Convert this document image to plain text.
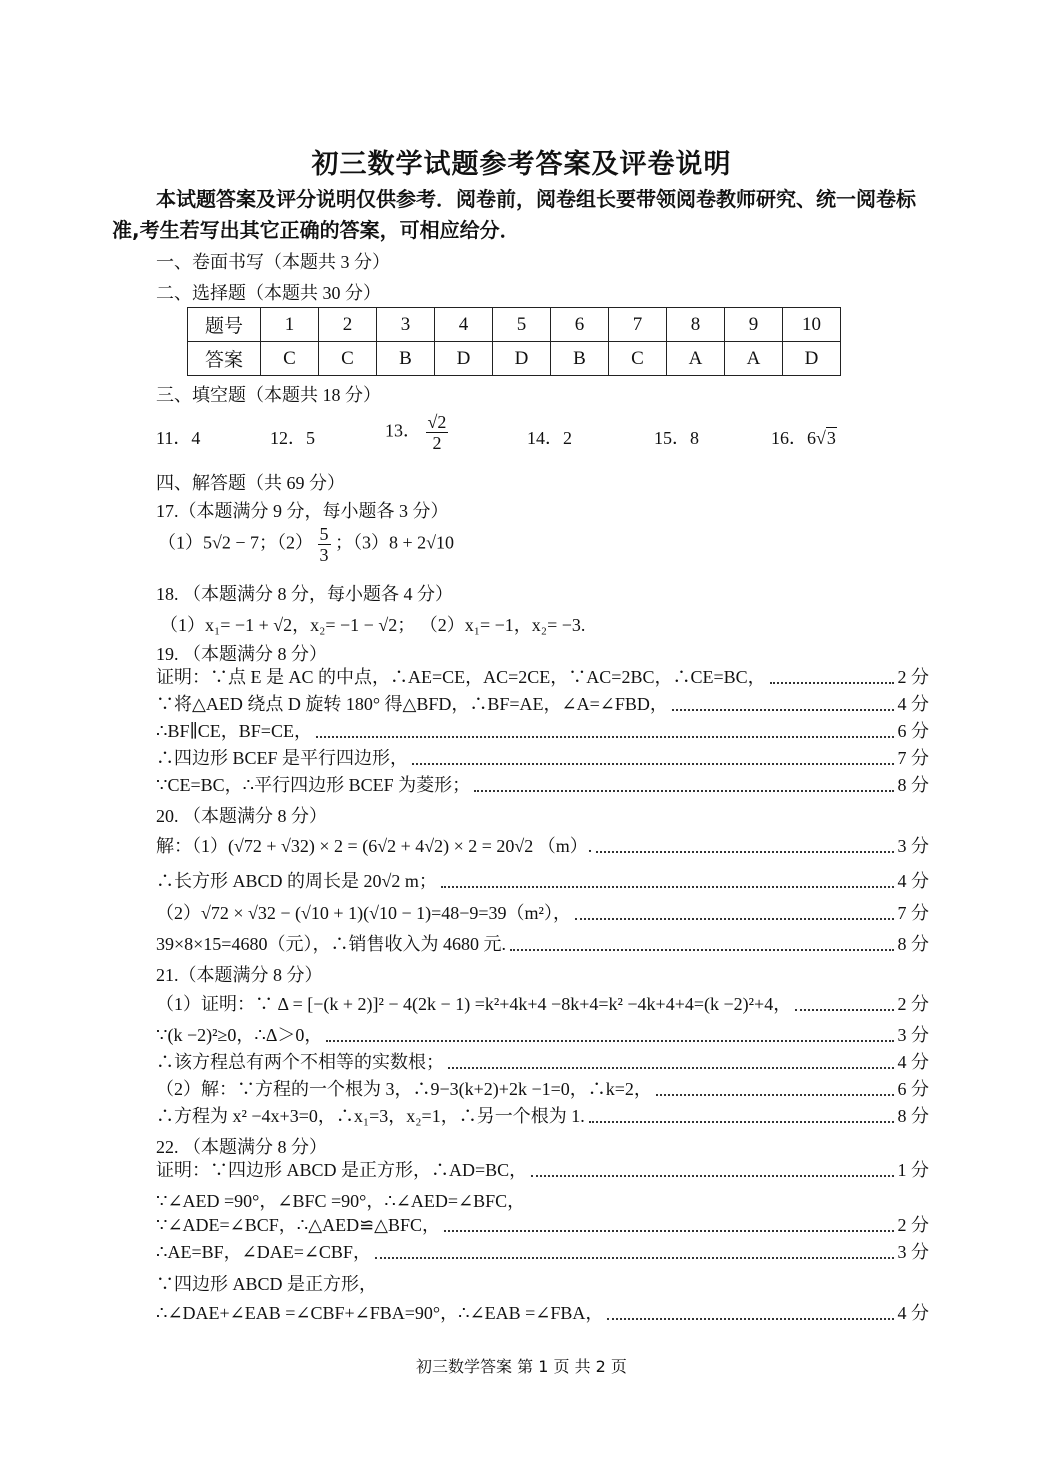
初三数学试题参考答案及评卷说明
本试题答案及评分说明仅供参考．阅卷前，阅卷组长要带领阅卷教师研究、统一阅卷标准,考生若写出其它正确的答案，可相应给分．
一、卷面书写（本题共 3 分）
二、选择题（本题共 30 分）
题号	1	2	3	4	5	6	7	8	9	10
答案	C	C	B	D	D	B	C	A	A	D
三、填空题（本题共 18 分）
11．4	12．5	13． $\frac{√2}{2}$	14．2	15．8	16．6√3
四、解答题（共 69 分）
17.（本题满分 9 分，每小题各 3 分）
（1）5√2 − 7；$(2) \frac{5}{3}$ ；（3）8 + 2√10
18. （本题满分 8 分，每小题各 4 分）
（1）x₁= −1 + √2，x₂= −1 − √2； （2）x₁= −1，x₂= −3.
19. （本题满分 8 分）
证明：∵点 E 是 AC 的中点，∴AE=CE，AC=2CE，∵AC=2BC，∴CE=BC，	2 分
∵将△AED 绕点 D 旋转 180° 得△BFD，∴BF=AE，∠A=∠FBD，	4 分
∴BF∥CE，BF=CE，	6 分
∴四边形 BCEF 是平行四边形，	7 分
∵CE=BC，∴平行四边形 BCEF 为菱形；	8 分
20. （本题满分 8 分）
解：（1）(√72 + √32) × 2 = (6√2 + 4√2) × 2 = 20√2 （m）.	3 分
∴长方形 ABCD 的周长是 20√2 m；	4 分
（2）√72 × √32 − (√10 + 1)(√10 − 1)=48−9=39（m²），	7 分
39×8×15=4680（元），∴销售收入为 4680 元.	8 分
21.（本题满分 8 分）
（1）证明：∵ Δ = [−(k + 2)]² − 4(2k − 1) =k²+4k+4 −8k+4=k² −4k+4+4=(k −2)²+4，	2 分
∵(k −2)²≥0，∴Δ＞0，	3 分
∴该方程总有两个不相等的实数根；	4 分
（2）解：∵方程的一个根为 3，∴9−3(k+2)+2k −1=0，∴k=2，	6 分
∴方程为 x² −4x+3=0，∴x₁=3，x₂=1，∴另一个根为 1.	8 分
22. （本题满分 8 分）
证明：∵四边形 ABCD 是正方形，∴AD=BC，	1 分
∵∠AED =90°，∠BFC =90°，∴∠AED=∠BFC，
∵∠ADE=∠BCF，∴△AED≌△BFC，	2 分
∴AE=BF，∠DAE=∠CBF，	3 分
∵四边形 ABCD 是正方形，
∴∠DAE+∠EAB =∠CBF+∠FBA=90°，∴∠EAB =∠FBA，	4 分
初三数学答案 第 1 页 共 2 页
